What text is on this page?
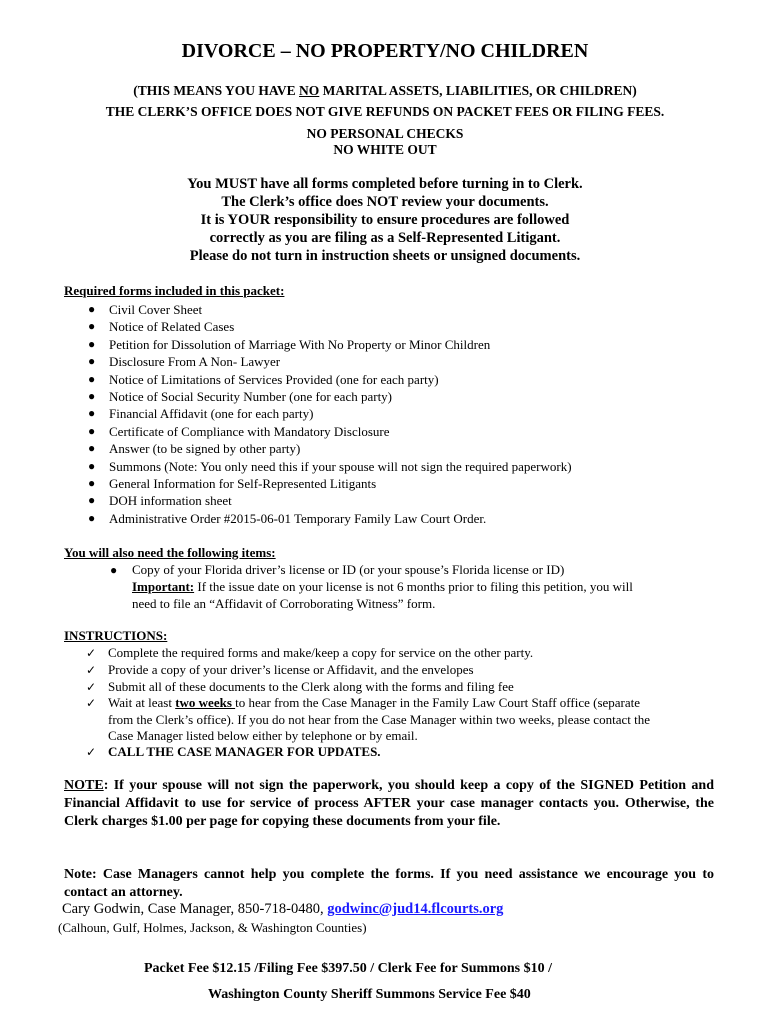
DIVORCE – NO PROPERTY/NO CHILDREN
(THIS MEANS YOU HAVE NO MARITAL ASSETS, LIABILITIES, OR CHILDREN)
THE CLERK’S OFFICE DOES NOT GIVE REFUNDS ON PACKET FEES OR FILING FEES.
NO PERSONAL CHECKS
NO WHITE OUT
You MUST have all forms completed before turning in to Clerk.
The Clerk’s office does NOT review your documents.
It is YOUR responsibility to ensure procedures are followed
correctly as you are filing as a Self-Represented Litigant.
Please do not turn in instruction sheets or unsigned documents.
Required forms included in this packet:
● Civil Cover Sheet
● Notice of Related Cases
● Petition for Dissolution of Marriage With No Property or Minor Children
● Disclosure From A Non- Lawyer
● Notice of Limitations of Services Provided (one for each party)
● Notice of Social Security Number (one for each party)
● Financial Affidavit (one for each party)
● Certificate of Compliance with Mandatory Disclosure
● Answer (to be signed by other party)
● Summons (Note: You only need this if your spouse will not sign the required paperwork)
● General Information for Self-Represented Litigants
● DOH information sheet
● Administrative Order #2015-06-01 Temporary Family Law Court Order.
You will also need the following items:
● Copy of your Florida driver’s license or ID (or your spouse’s Florida license or ID)
Important: If the issue date on your license is not 6 months prior to filing this petition, you will
need to file an “Affidavit of Corroborating Witness” form.
INSTRUCTIONS:
✓ Complete the required forms and make/keep a copy for service on the other party.
✓ Provide a copy of your driver’s license or Affidavit, and the envelopes
✓ Submit all of these documents to the Clerk along with the forms and filing fee
✓ Wait at least two weeks to hear from the Case Manager in the Family Law Court Staff office (separate
from the Clerk’s office). If you do not hear from the Case Manager within two weeks, please contact the
Case Manager listed below either by telephone or by email.
✓ CALL THE CASE MANAGER FOR UPDATES.
NOTE: If your spouse will not sign the paperwork, you should keep a copy of the SIGNED Petition and Financial Affidavit to use for service of process AFTER your case manager contacts you. Otherwise, the Clerk charges $1.00 per page for copying these documents from your file.
Note: Case Managers cannot help you complete the forms. If you need assistance we encourage you to contact an attorney.
Cary Godwin, Case Manager, 850-718-0480, godwinc@jud14.flcourts.org
(Calhoun, Gulf, Holmes, Jackson, & Washington Counties)
Packet Fee $12.15 /Filing Fee $397.50 / Clerk Fee for Summons $10 /
Washington County Sheriff Summons Service Fee $40
